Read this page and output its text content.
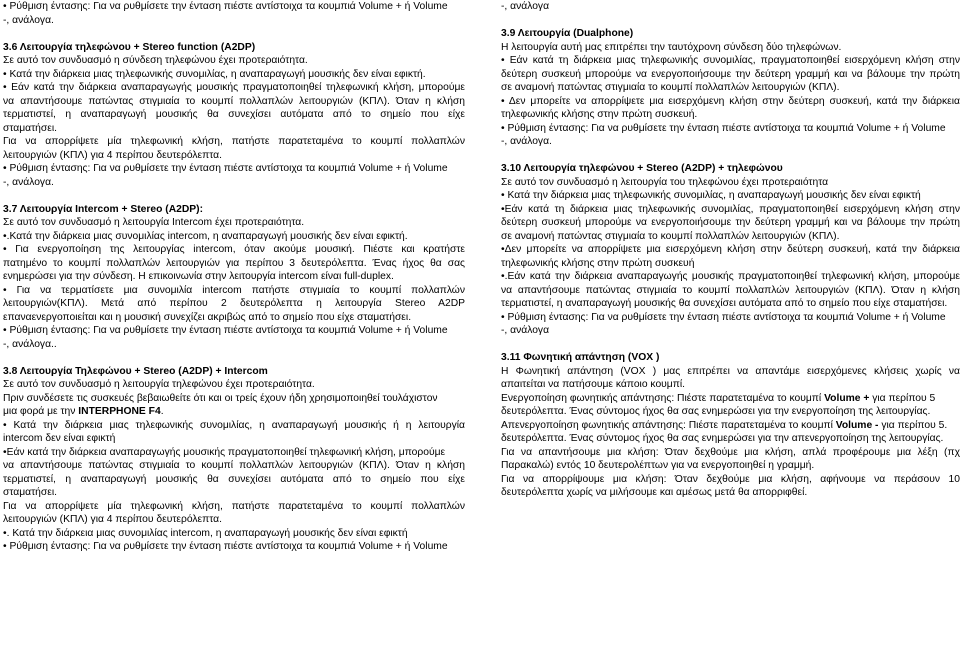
• Ρύθμιση έντασης: Για να ρυθμίσετε την ένταση πιέστε αντίστοιχα τα κουμπιά Volume + ή Volume
-, ανάλογα.
3.6 Λειτουργία τηλεφώνου + Stereo function (A2DP)
Σε αυτό τον συνδυασμό η σύνδεση τηλεφώνου έχει προτεραιότητα.
• Κατά την διάρκεια μιας τηλεφωνικής συνομιλίας, η αναπαραγωγή μουσικής δεν είναι εφικτή.
• Εάν κατά την διάρκεια αναπαραγωγής μουσικής πραγματοποιηθεί τηλεφωνική κλήση, μπορούμε
να απαντήσουμε πατώντας στιγμιαία το κουμπί πολλαπλών λειτουργιών (ΚΠΛ). Όταν η κλήση
τερματιστεί, η αναπαραγωγή μουσικής θα συνεχίσει αυτόματα από το σημείο που είχε
σταματήσει.
Για να απορρίψετε μία τηλεφωνική κλήση, πατήστε παρατεταμένα το κουμπί πολλαπλών
λειτουργιών (ΚΠΛ) για 4 περίπου δευτερόλεπτα.
• Ρύθμιση έντασης: Για να ρυθμίσετε την ένταση πιέστε αντίστοιχα τα κουμπιά Volume + ή Volume
-, ανάλογα.
3.7 Λειτουργία Intercom + Stereo (A2DP):
Σε αυτό τον συνδυασμό η λειτουργία Intercom έχει προτεραιότητα.
•.Κατά την διάρκεια μιας συνομιλίας intercom, η αναπαραγωγή μουσικής δεν είναι εφικτή.
• Για ενεργοποίηση της λειτουργίας intercom, όταν ακούμε μουσική. Πιέστε και κρατήστε
πατημένο το κουμπί πολλαπλών λειτουργιών για περίπου 3 δευτερόλεπτα. Ένας ήχος θα σας
ενημερώσει για την σύνδεση. Η επικοινωνία στην λειτουργία intercom είναι full-duplex.
• Για να τερματίσετε μια συνομιλία intercom πατήστε στιγμιαία το κουμπί πολλαπλών
λειτουργιών(ΚΠΛ). Μετά από περίπου 2 δευτερόλεπτα η λειτουργία Stereo A2DP
επαναενεργοποιείται και η μουσική συνεχίζει ακριβώς από το σημείο που είχε σταματήσει.
• Ρύθμιση έντασης: Για να ρυθμίσετε την ένταση πιέστε αντίστοιχα τα κουμπιά Volume + ή Volume
-, ανάλογα..
3.8 Λειτουργία Τηλεφώνου + Stereo (A2DP) + Intercom
Σε αυτό τον συνδυασμό η λειτουργία τηλεφώνου έχει προτεραιότητα.
Πριν συνδέσετε τις συσκευές βεβαιωθείτε ότι και οι τρείς έχουν ήδη χρησιμοποιηθεί τουλάχιστον
μια φορά με την INTERPHONE F4.
• Κατά την διάρκεια μιας τηλεφωνικής συνομιλίας, η αναπαραγωγή μουσικής ή η λειτουργία
intercom δεν είναι εφικτή
•Εάν κατά την διάρκεια αναπαραγωγής μουσικής πραγματοποιηθεί τηλεφωνική κλήση, μπορούμε
να απαντήσουμε πατώντας στιγμιαία το κουμπί πολλαπλών λειτουργιών (ΚΠΛ). Όταν η κλήση
τερματιστεί, η αναπαραγωγή μουσικής θα συνεχίσει αυτόματα από το σημείο που είχε
σταματήσει.
Για να απορρίψετε μία τηλεφωνική κλήση, πατήστε παρατεταμένα το κουμπί πολλαπλών
λειτουργιών (ΚΠΛ) για 4 περίπου δευτερόλεπτα.
•. Κατά την διάρκεια μιας συνομιλίας intercom, η αναπαραγωγή μουσικής δεν είναι εφικτή
• Ρύθμιση έντασης: Για να ρυθμίσετε την ένταση πιέστε αντίστοιχα τα κουμπιά Volume + ή Volume
-, ανάλογα
3.9 Λειτουργία (Dualphone)
Η λειτουργία αυτή μας επιτρέπει την ταυτόχρονη σύνδεση δύο τηλεφώνων.
• Εάν κατά τη διάρκεια μιας τηλεφωνικής συνομιλίας, πραγματοποιηθεί εισερχόμενη κλήση στην
δεύτερη συσκευή μπορούμε να ενεργοποιήσουμε την δεύτερη γραμμή και να βάλουμε την πρώτη
σε αναμονή πατώντας στιγμιαία το κουμπί πολλαπλών λειτουργιών (ΚΠΛ).
• Δεν μπορείτε να απορρίψετε μια εισερχόμενη κλήση στην δεύτερη συσκευή, κατά την διάρκεια
τηλεφωνικής κλήσης στην πρώτη συσκευή.
• Ρύθμιση έντασης: Για να ρυθμίσετε την ένταση πιέστε αντίστοιχα τα κουμπιά Volume + ή Volume
-, ανάλογα.
3.10 Λειτουργία τηλεφώνου + Stereo (A2DP) + τηλεφώνου
Σε αυτό τον συνδυασμό η λειτουργία του τηλεφώνου έχει προτεραιότητα
• Κατά την διάρκεια μιας τηλεφωνικής συνομιλίας, η αναπαραγωγή μουσικής δεν είναι εφικτή
•Εάν κατά τη διάρκεια μιας τηλεφωνικής συνομιλίας, πραγματοποιηθεί εισερχόμενη κλήση στην
δεύτερη συσκευή μπορούμε να ενεργοποιήσουμε την δεύτερη γραμμή και να βάλουμε την πρώτη
σε αναμονή πατώντας στιγμιαία το κουμπί πολλαπλών λειτουργιών (ΚΠΛ).
•Δεν μπορείτε να απορρίψετε μια εισερχόμενη κλήση στην δεύτερη συσκευή, κατά την διάρκεια
τηλεφωνικής κλήσης στην πρώτη συσκευή
•.Εάν κατά την διάρκεια αναπαραγωγής μουσικής πραγματοποιηθεί τηλεφωνική κλήση, μπορούμε
να απαντήσουμε πατώντας στιγμιαία το κουμπί πολλαπλών λειτουργιών (ΚΠΛ). Όταν η κλήση
τερματιστεί, η αναπαραγωγή μουσικής θα συνεχίσει αυτόματα από το σημείο που είχε σταματήσει.
• Ρύθμιση έντασης: Για να ρυθμίσετε την ένταση πιέστε αντίστοιχα τα κουμπιά Volume + ή Volume
-, ανάλογα
3.11 Φωνητική απάντηση (VOX )
Η Φωνητική απάντηση (VOX ) μας επιτρέπει να απαντάμε εισερχόμενες κλήσεις χωρίς να
απαιτείται να πατήσουμε κάποιο κουμπί.
Ενεργοποίηση φωνητικής απάντησης: Πιέστε παρατεταμένα το κουμπί Volume + για περίπου 5
δευτερόλεπτα. Ένας σύντομος ήχος θα σας ενημερώσει για την ενεργοποίηση της λειτουργίας.
Απενεργοποίηση φωνητικής απάντησης: Πιέστε παρατεταμένα το κουμπί Volume - για περίπου 5.
δευτερόλεπτα. Ένας σύντομος ήχος θα σας ενημερώσει για την απενεργοποίηση της λειτουργίας.
Για να απαντήσουμε μια κλήση: Όταν δεχθούμε μια κλήση, απλά προφέρουμε μια λέξη (πχ
Παρακαλώ) εντός 10 δευτερολέπτων για να ενεργοποιηθεί η γραμμή.
Για να απορρίψουμε μια κλήση: Όταν δεχθούμε μια κλήση, αφήνουμε να περάσουν 10
δευτερόλεπτα χωρίς να μιλήσουμε και αμέσως μετά θα απορριφθεί.
